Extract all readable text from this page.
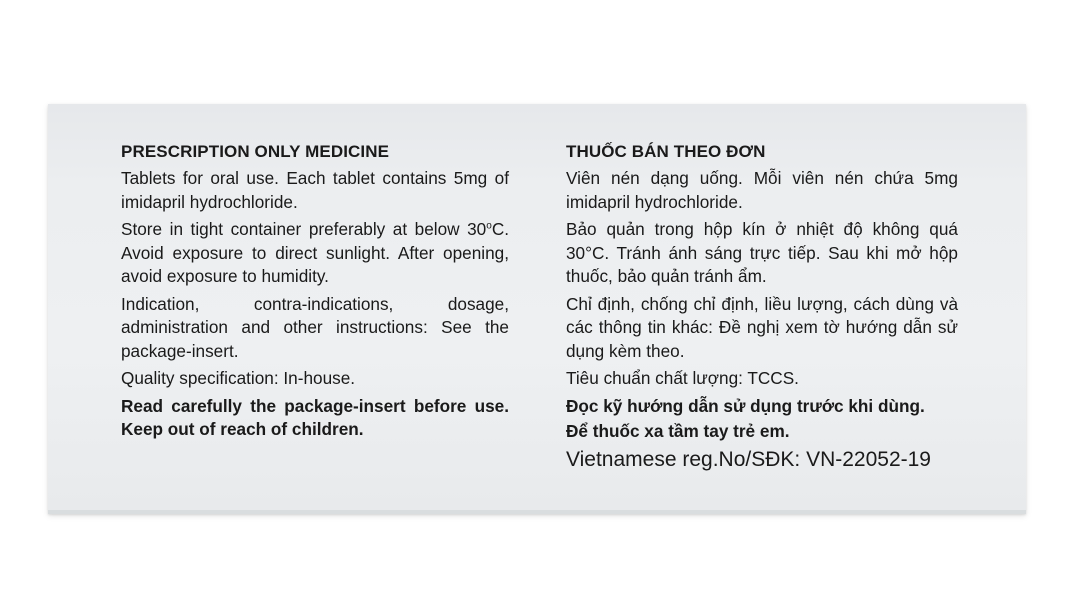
PRESCRIPTION ONLY MEDICINE
Tablets for oral use. Each tablet contains 5mg of imidapril hydrochloride.
Store in tight container preferably at below 30$^o$C. Avoid exposure to direct sunlight. After opening, avoid exposure to humidity.
Indication, contra-indications, dosage, administration and other instructions: See the package-insert.
Quality specification: In-house.
Read carefully the package-insert before use. Keep out of reach of children.
THUỐC BÁN THEO ĐƠN
Viên nén dạng uống. Mỗi viên nén chứa 5mg imidapril hydrochloride.
Bảo quản trong hộp kín ở nhiệt độ không quá 30°C. Tránh ánh sáng trực tiếp. Sau khi mở hộp thuốc, bảo quản tránh ẩm.
Chỉ định, chống chỉ định, liều lượng, cách dùng và các thông tin khác: Đề nghị xem tờ hướng dẫn sử dụng kèm theo.
Tiêu chuẩn chất lượng: TCCS.
Đọc kỹ hướng dẫn sử dụng trước khi dùng.
Để thuốc xa tầm tay trẻ em.
Vietnamese reg.No/SĐK: VN-22052-19
